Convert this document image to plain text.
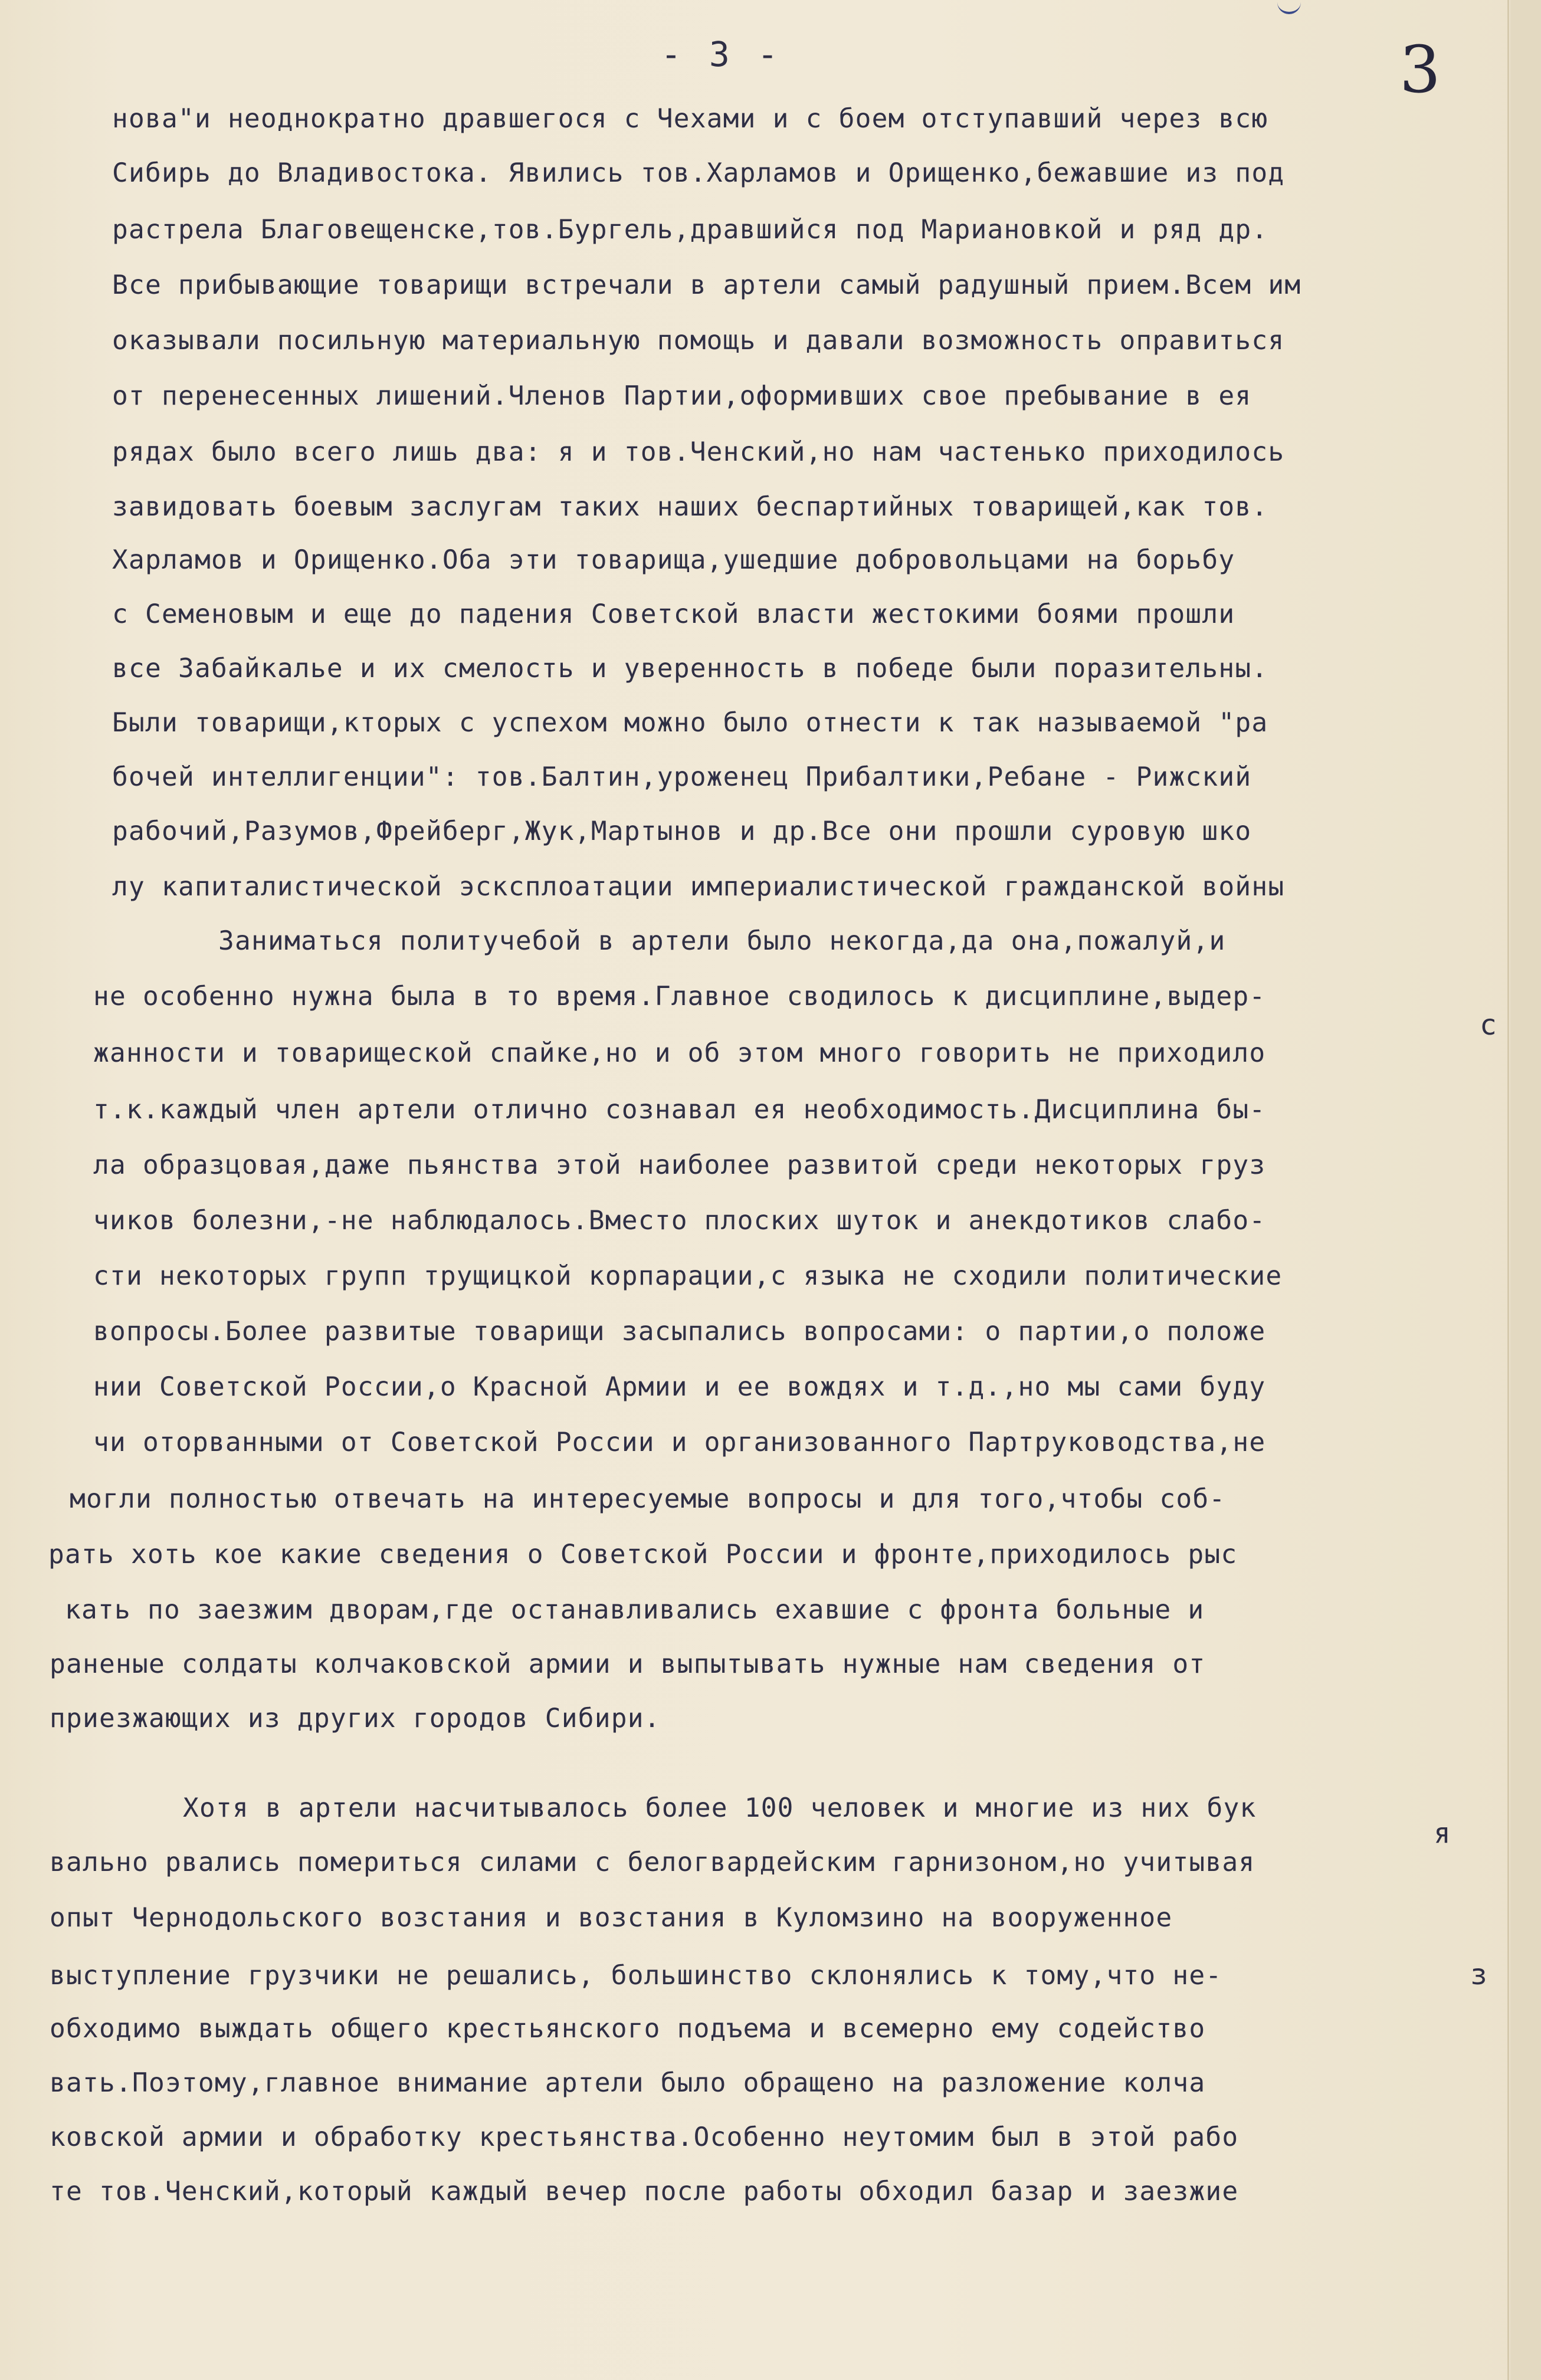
- 3 -	3
нова"и неоднократно дравшегося с Чехами и с боем отступавший через всю
Сибирь до Владивостока. Явились тов.Харламов и Орищенко,бежавшие из под
растрела Благовещенске,тов.Бургель,дравшийся под Мариановкой и ряд др.
Все прибывающие товарищи встречали в артели самый радушный прием.Всем им
оказывали посильную материальную помощь и давали возможность оправиться
от перенесенных лишений.Членов Партии,оформивших свое пребывание в ея
рядах было всего лишь два: я и тов.Ченский,но нам частенько приходилось
завидовать боевым заслугам таких наших беспартийных товарищей,как тов.
Харламов и Орищенко.Оба эти товарища,ушедшие добровольцами на борьбу
с Семеновым и еще до падения Советской власти жестокими боями прошли
все Забайкалье и их смелость и уверенность в победе были поразительны.
Были товарищи,кторых с успехом можно было отнести к так называемой "ра
бочей интеллигенции": тов.Балтин,уроженец Прибалтики,Ребане - Рижский
рабочий,Разумов,Фрейберг,Жук,Мартынов и др.Все они прошли суровую шко
лу капиталистической эсксплоатации империалистической гражданской войны
Заниматься политучебой в артели было некогда,да она,пожалуй,и
не особенно нужна была в то время.Главное сводилось к дисциплине,выдер-
жанности и товарищеской спайке,но и об этом много говорить не приходило
т.к.каждый член артели отлично сознавал ея необходимость.Дисциплина бы-
ла образцовая,даже пьянства этой наиболее развитой среди некоторых груз
чиков болезни,-не наблюдалось.Вместо плоских шуток и анекдотиков слабо-
сти некоторых групп трущицкой корпарации,с языка не сходили политические
вопросы.Более развитые товарищи засыпались вопросами: о партии,о положе
нии Советской России,о Красной Армии и ее вождях и т.д.,но мы сами буду
чи оторванными от Советской России и организованного Партруководства,не
могли полностью отвечать на интересуемые вопросы и для того,чтобы соб-
рать хоть кое какие сведения о Советской России и фронте,приходилось рыс
кать по заезжим дворам,где останавливались ехавшие с фронта больные и
раненые солдаты колчаковской армии и выпытывать нужные нам сведения от
приезжающих из других городов Сибири.
Хотя в артели насчитывалось более 100 человек и многие из них бук
вально рвались помериться силами с белогвардейским гарнизоном,но учитывая
опыт Чернодольского возстания и возстания в Куломзино на вооруженное
выступление грузчики не решались, большинство склонялись к тому,что не-
обходимо выждать общего крестьянского подъема и всемерно ему содейство
вать.Поэтому,главное внимание артели было обращено на разложение колча
ковской армии и обработку крестьянства.Особенно неутомим был в этой рабо
те тов.Ченский,который каждый вечер после работы обходил базар и заезжие
с
я
з
